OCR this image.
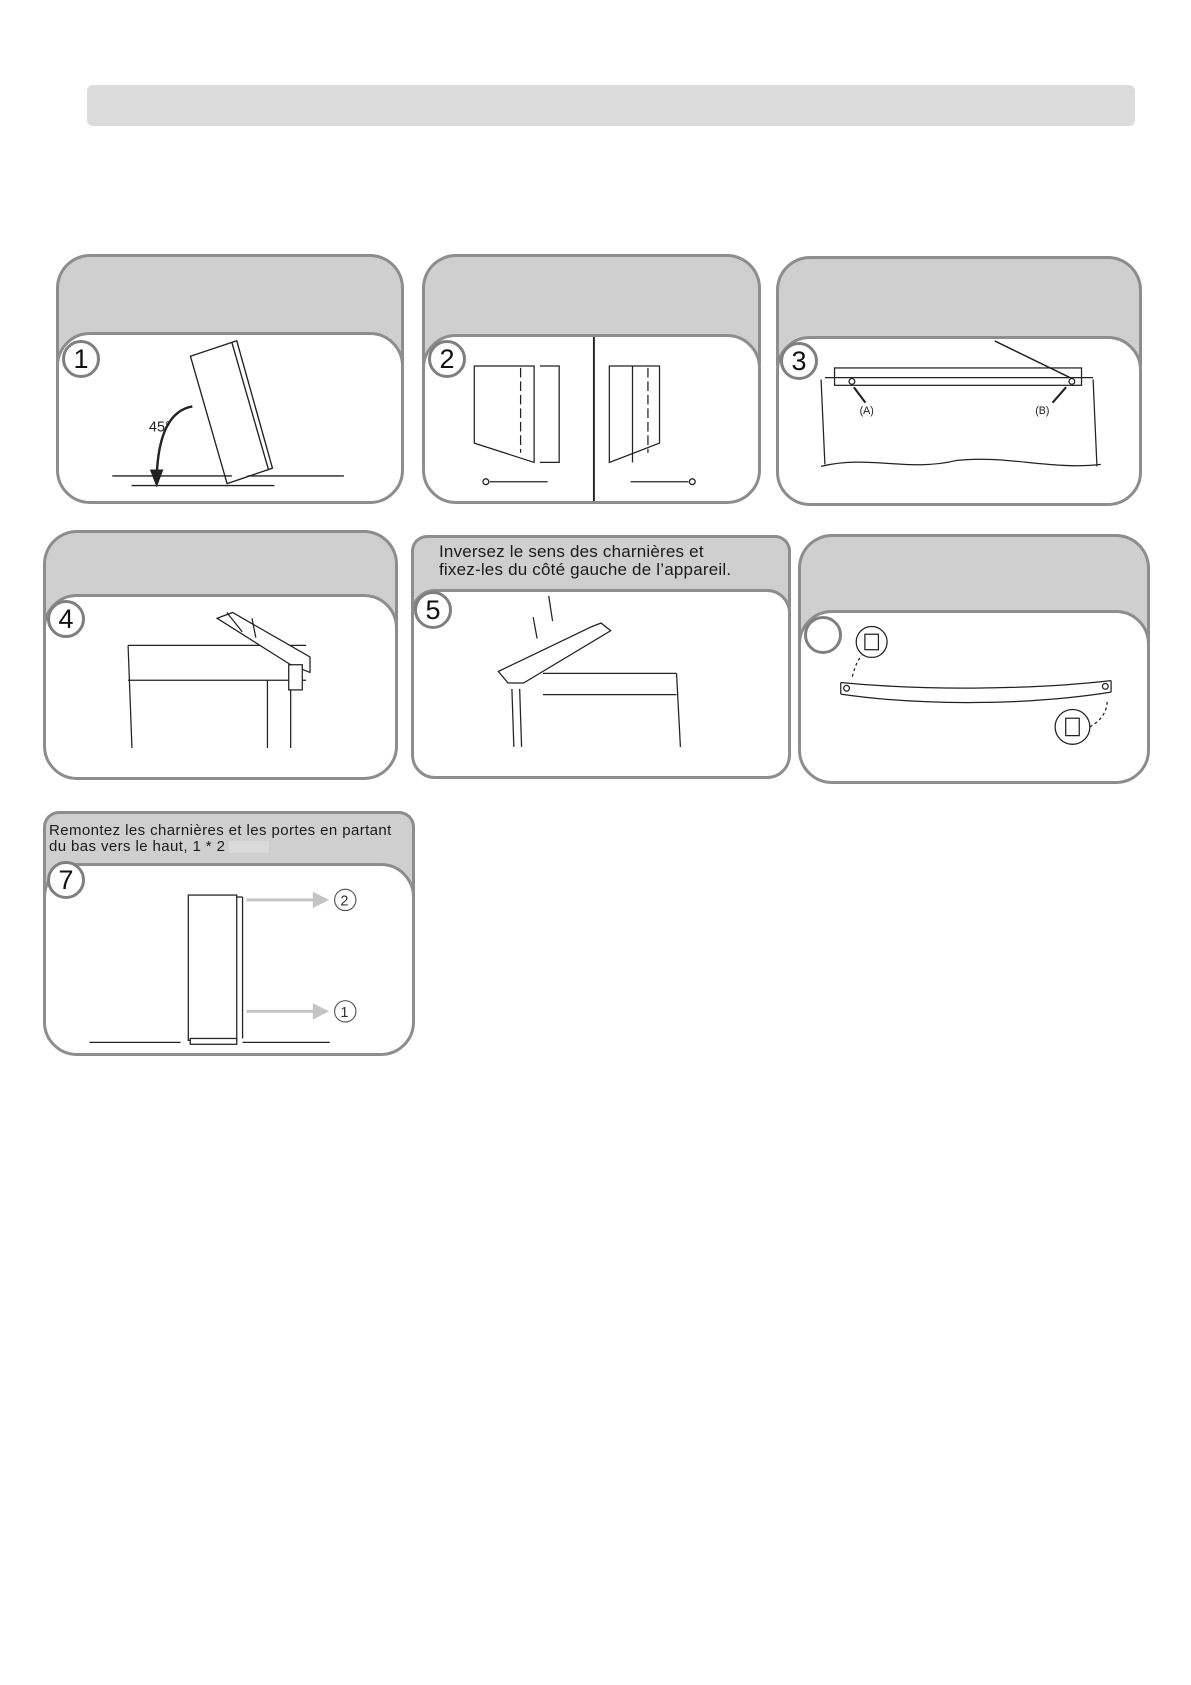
45°
1	2
(A)	(B)
3
4
Inversez le sens des charnières et
fixez-les du côté gauche de l’appareil.
5
Remontez les charnières et les portes en partant
du bas vers le haut, 1 * 2
2
1
7
